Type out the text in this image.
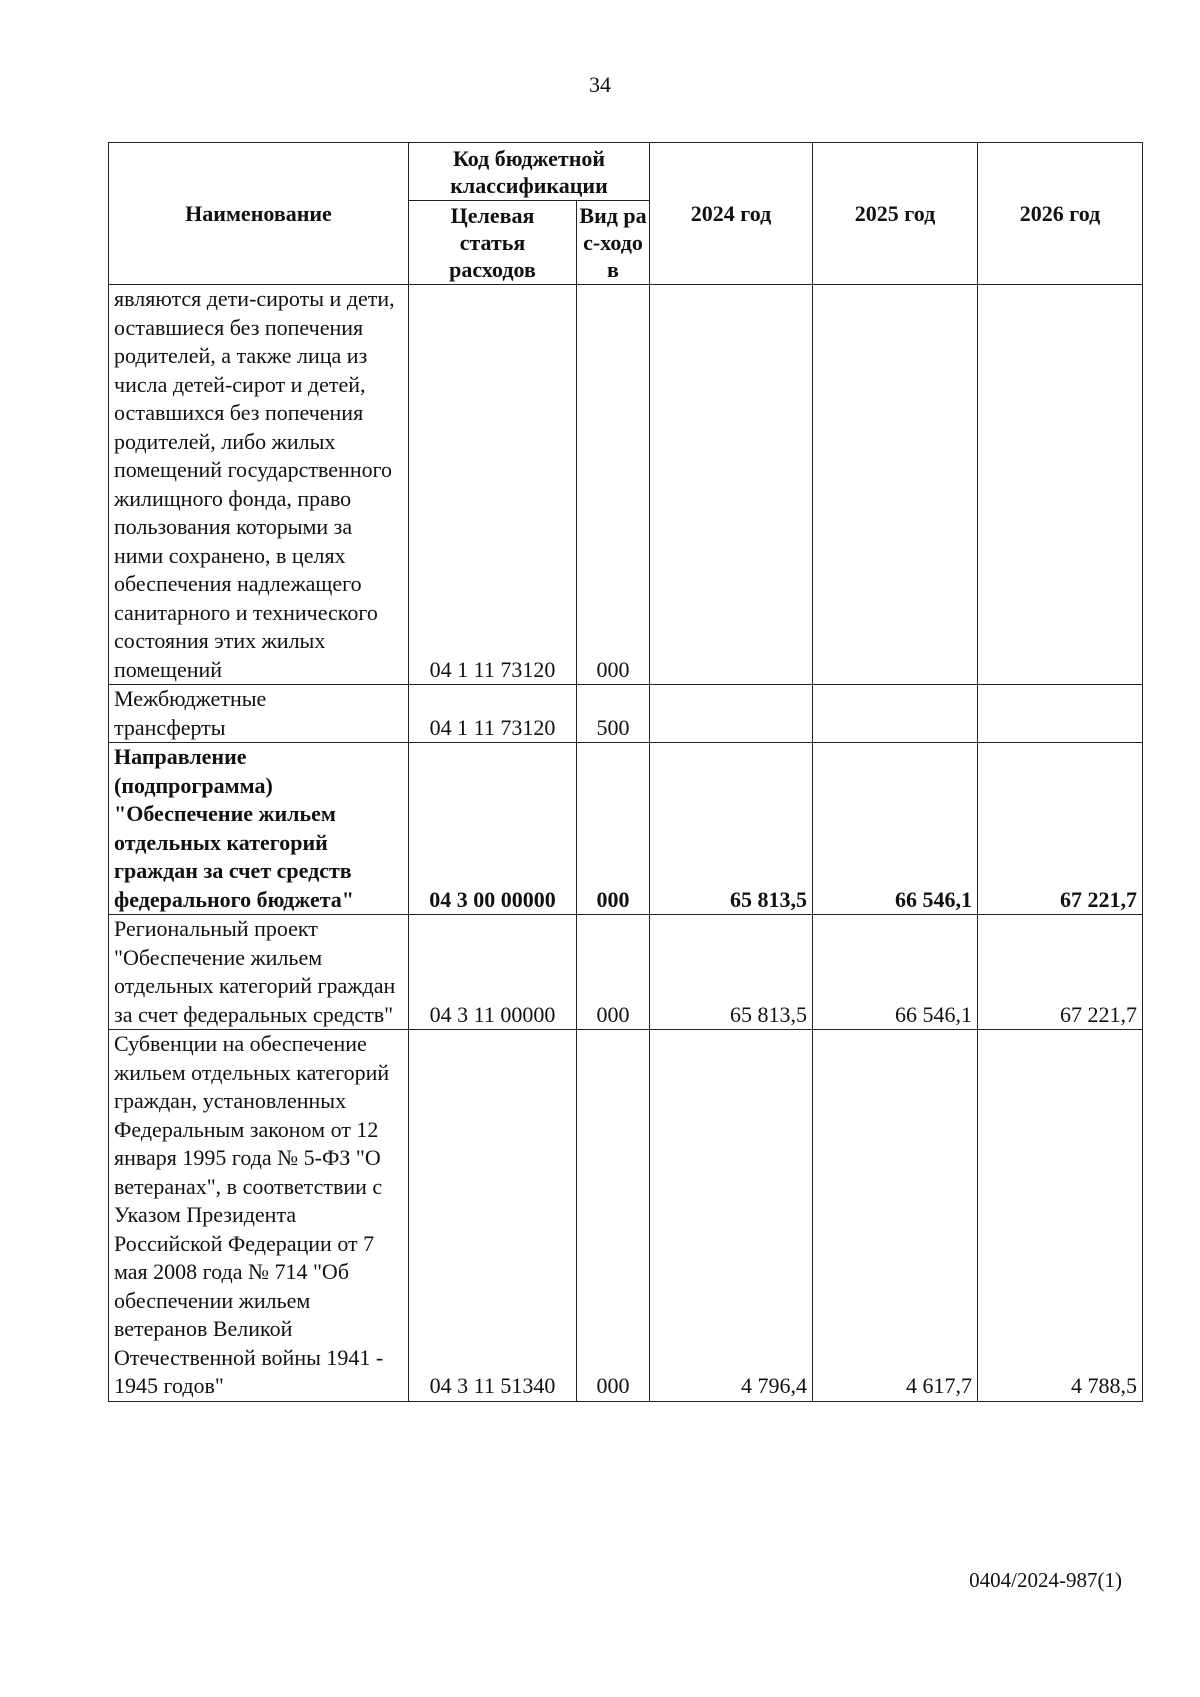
34
Наименование	Код бюджетной классификации		2024 год	2025 год	2026 год
	Целевая статья расходов	Вид рас-ходов			
являются дети-сироты и дети, оставшиеся без попечения родителей, а также лица из числа детей-сирот и детей, оставшихся без попечения родителей, либо жилых помещений государственного жилищного фонда, право пользования которыми за ними сохранено, в целях обеспечения надлежащего санитарного и технического состояния этих жилых помещений	04 1 11 73120	000			
Межбюджетные трансферты	04 1 11 73120	500			
Направление (подпрограмма) "Обеспечение жильем отдельных категорий граждан за счет средств федерального бюджета"	04 3 00 00000	000	65 813,5	66 546,1	67 221,7
Региональный проект "Обеспечение жильем отдельных категорий граждан за счет федеральных средств"	04 3 11 00000	000	65 813,5	66 546,1	67 221,7
Субвенции на обеспечение жильем отдельных категорий граждан, установленных Федеральным законом от 12 января 1995 года № 5-ФЗ "О ветеранах", в соответствии с Указом Президента Российской Федерации от 7 мая 2008 года № 714 "Об обеспечении жильем ветеранов Великой Отечественной войны 1941 - 1945 годов"	04 3 11 51340	000	4 796,4	4 617,7	4 788,5
0404/2024-987(1)
